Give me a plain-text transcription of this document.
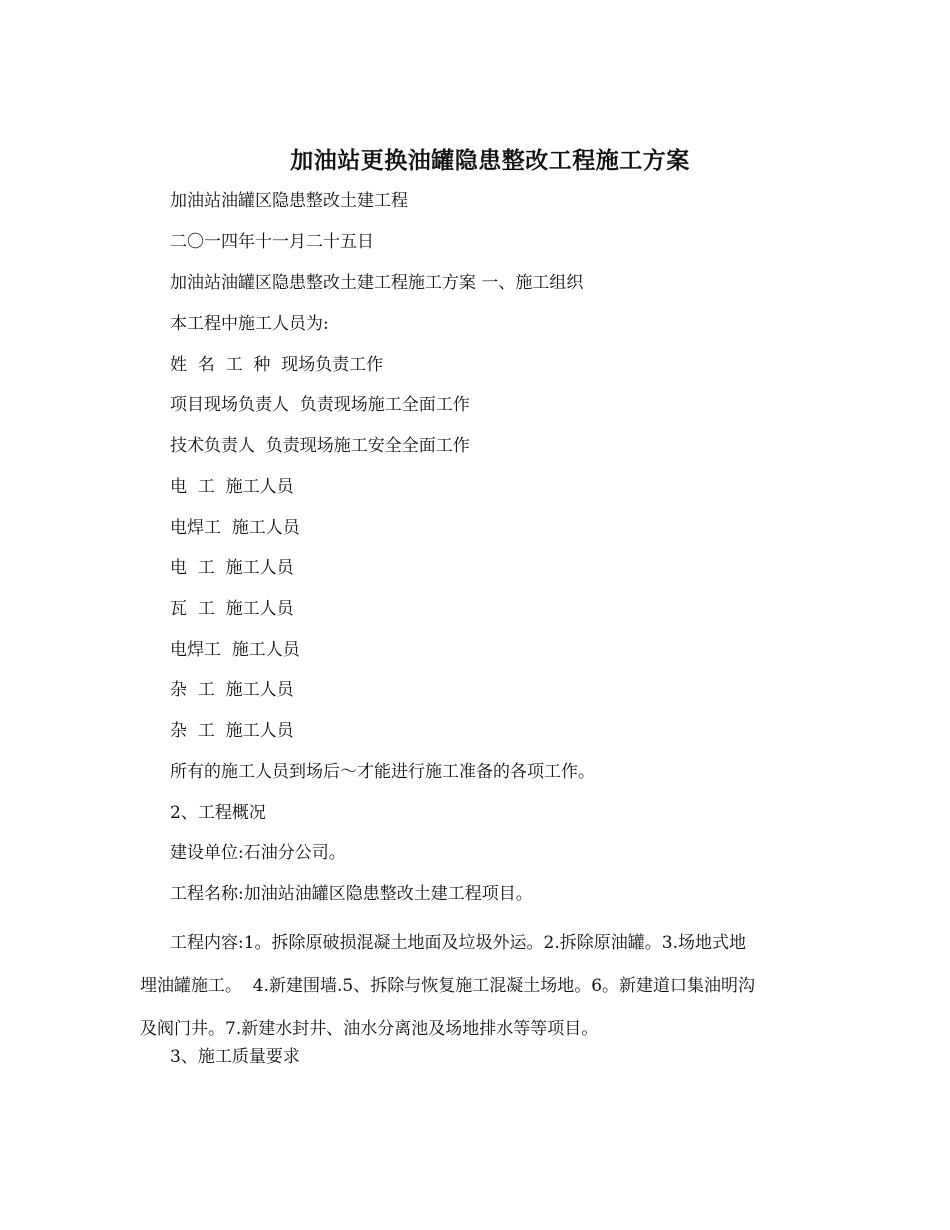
加油站更换油罐隐患整改工程施工方案
加油站油罐区隐患整改土建工程
二〇一四年十一月二十五日
加油站油罐区隐患整改土建工程施工方案 一、施工组织
本工程中施工人员为:
姓  名  工  种  现场负责工作
项目现场负责人  负责现场施工全面工作
技术负责人  负责现场施工安全全面工作
电  工  施工人员
电焊工  施工人员
电  工  施工人员
瓦  工  施工人员
电焊工  施工人员
杂  工  施工人员
杂  工  施工人员
所有的施工人员到场后～才能进行施工准备的各项工作。
2、工程概况
建设单位:石油分公司。
工程名称:加油站油罐区隐患整改土建工程项目。
工程内容:1。拆除原破损混凝土地面及垃圾外运。2.拆除原油罐。3.场地式地
埋油罐施工。  4.新建围墙.5、拆除与恢复施工混凝土场地。6。新建道口集油明沟
及阀门井。7.新建水封井、油水分离池及场地排水等等项目。
3、施工质量要求
